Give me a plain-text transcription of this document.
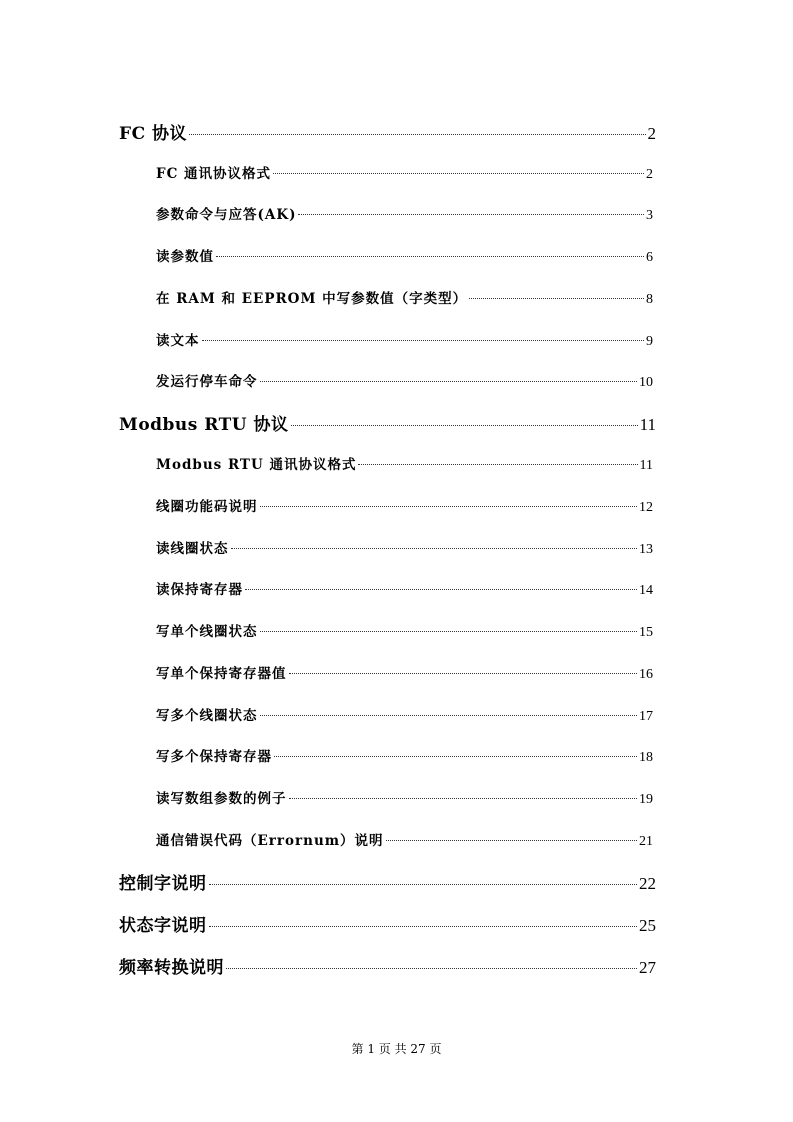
FC 协议	2
FC 通讯协议格式	2
参数命令与应答(AK)	3
读参数值	6
在 RAM 和 EEPROM 中写参数值（字类型）	8
读文本	9
发运行停车命令	10
Modbus RTU 协议	11
Modbus RTU 通讯协议格式	11
线圈功能码说明	12
读线圈状态	13
读保持寄存器	14
写单个线圈状态	15
写单个保持寄存器值	16
写多个线圈状态	17
写多个保持寄存器	18
读写数组参数的例子	19
通信错误代码（Errornum）说明	21
控制字说明	22
状态字说明	25
频率转换说明	27
第 1 页 共 27 页
